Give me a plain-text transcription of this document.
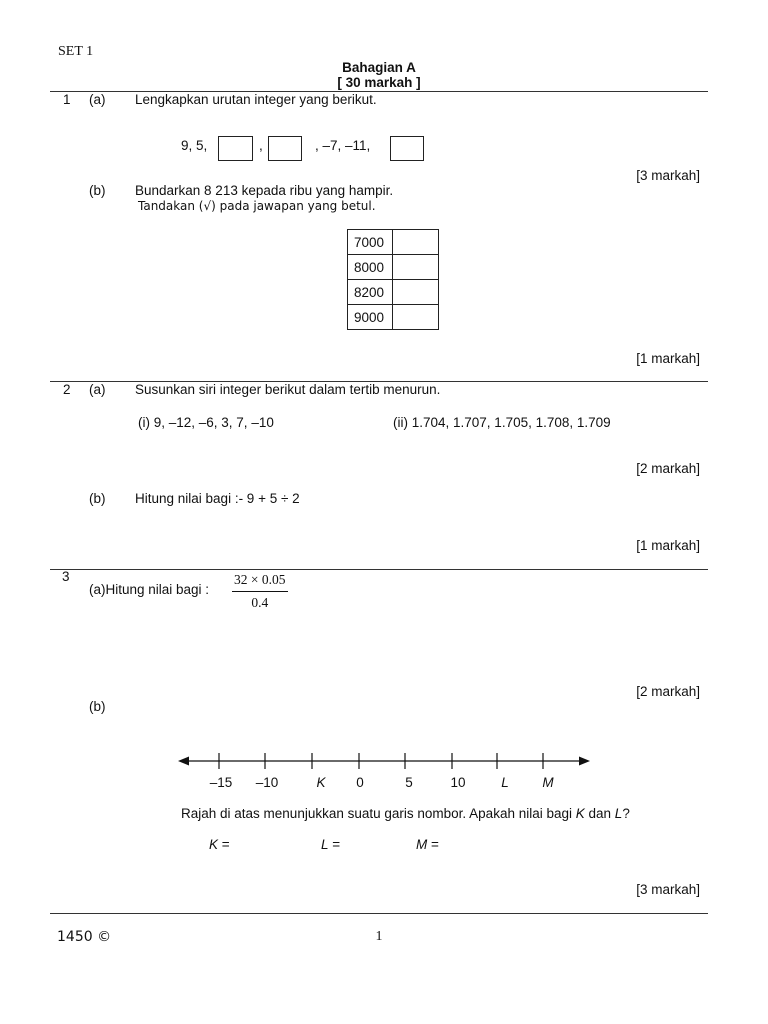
SET 1
Bahagian A
[ 30 markah ]
1 (a) Lengkapkan urutan integer yang berikut.
9, 5,	,	, –7, –11,
[3 markah]
(b) Bundarkan 8 213 kepada ribu yang hampir.
Tandakan (√) pada jawapan yang betul.
7000	
8000	
8200	
9000	
[1 markah]
2 (a) Susunkan siri integer berikut dalam tertib menurun.
(i) 9, –12, –6, 3, 7, –10	(ii) 1.704, 1.707, 1.705, 1.708, 1.709
[2 markah]
(b) Hitung nilai bagi :- 9 + 5 ÷ 2
[1 markah]
3
(a)Hitung nilai bagi : $\frac{32 \times 0.05}{0.4}$
[2 markah]
(b)
–15 –10	K 0	5	10	L M
Rajah di atas menunjukkan suatu garis nombor. Apakah nilai bagi K dan L?
K =	L =	M =
[3 markah]
1450 ©	1
